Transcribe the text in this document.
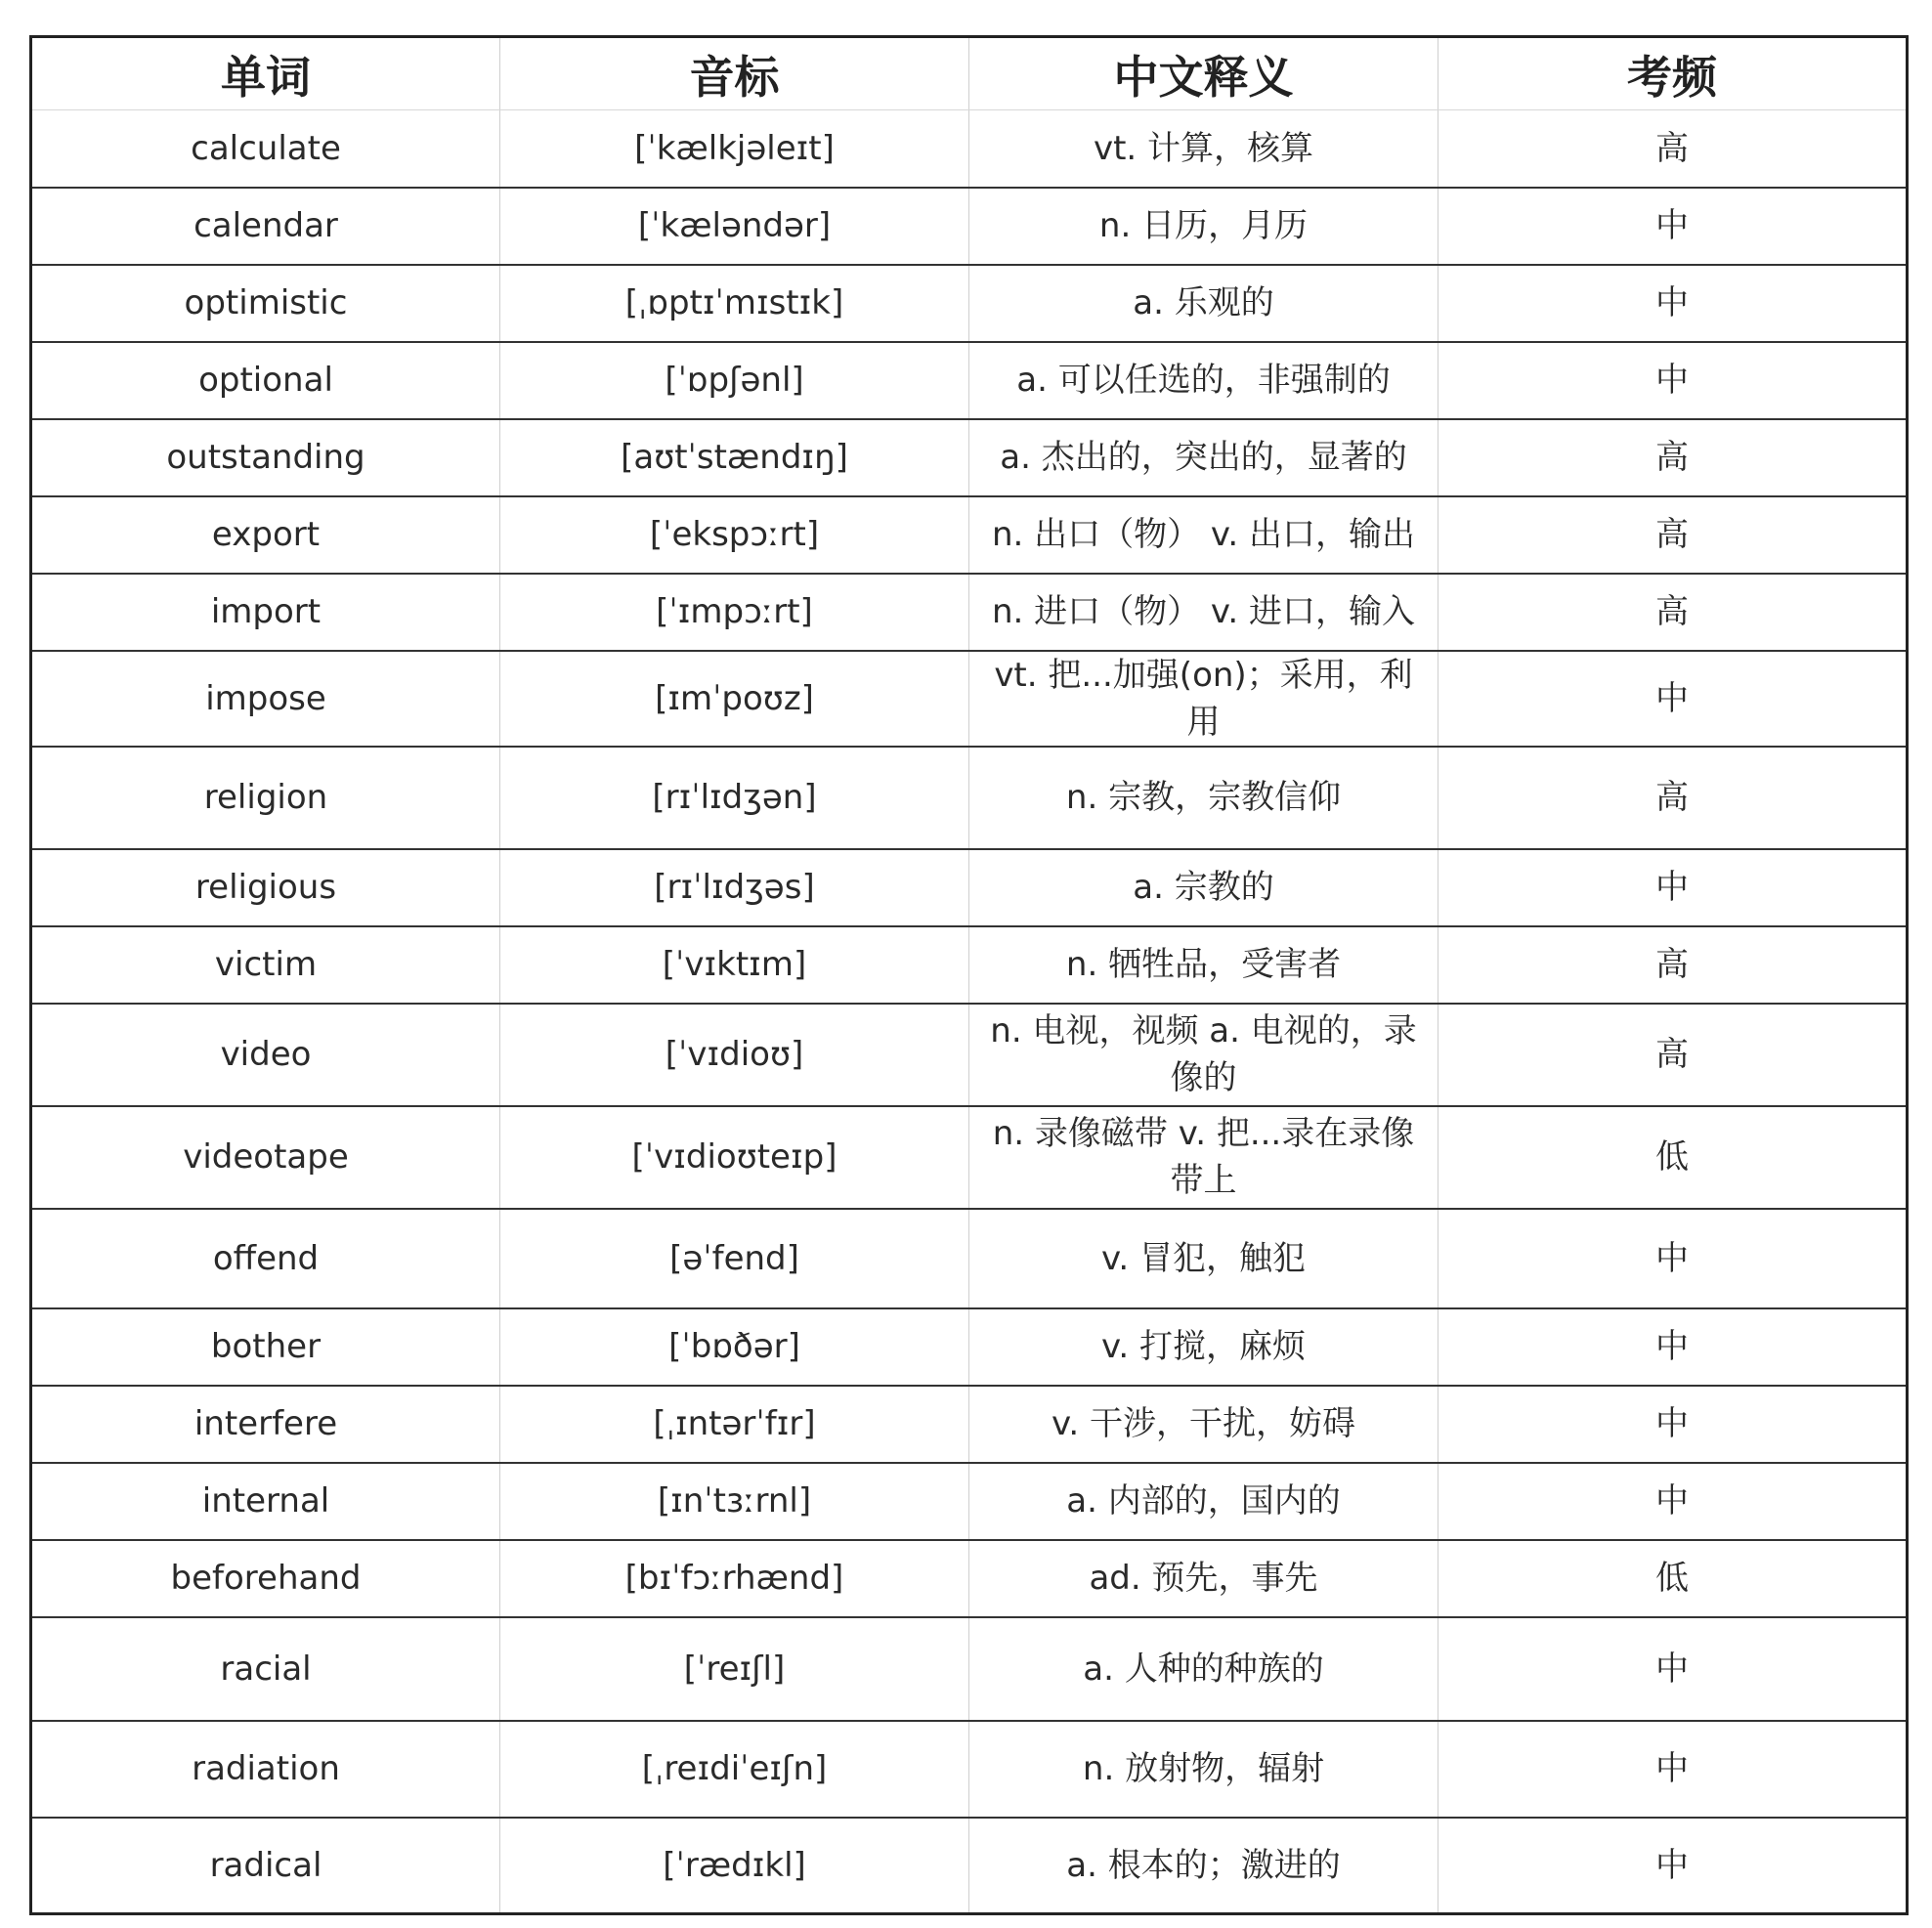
单词	音标	中文释义	考频
calculate	[ˈkælkjəleɪt]	vt. 计算，核算	高
calendar	[ˈkæləndər]	n. 日历，月历	中
optimistic	[ˌɒptɪˈmɪstɪk]	a. 乐观的	中
optional	[ˈɒpʃənl]	a. 可以任选的，非强制的	中
outstanding	[aʊtˈstændɪŋ]	a. 杰出的，突出的，显著的	高
export	[ˈekspɔːrt]	n. 出口（物） v. 出口，输出	高
import	[ˈɪmpɔːrt]	n. 进口（物） v. 进口，输入	高
impose	[ɪmˈpoʊz]	vt. 把...加强(on)；采用，利用	中
religion	[rɪˈlɪdʒən]	n. 宗教，宗教信仰	高
religious	[rɪˈlɪdʒəs]	a. 宗教的	中
victim	[ˈvɪktɪm]	n. 牺牲品，受害者	高
video	[ˈvɪdioʊ]	n. 电视，视频 a. 电视的，录像的	高
videotape	[ˈvɪdioʊteɪp]	n. 录像磁带 v. 把...录在录像带上	低
offend	[əˈfend]	v. 冒犯，触犯	中
bother	[ˈbɒðər]	v. 打搅，麻烦	中
interfere	[ˌɪntərˈfɪr]	v. 干涉，干扰，妨碍	中
internal	[ɪnˈtɜːrnl]	a. 内部的，国内的	中
beforehand	[bɪˈfɔːrhænd]	ad. 预先，事先	低
racial	[ˈreɪʃl]	a. 人种的种族的	中
radiation	[ˌreɪdiˈeɪʃn]	n. 放射物，辐射	中
radical	[ˈrædɪkl]	a. 根本的；激进的	中
